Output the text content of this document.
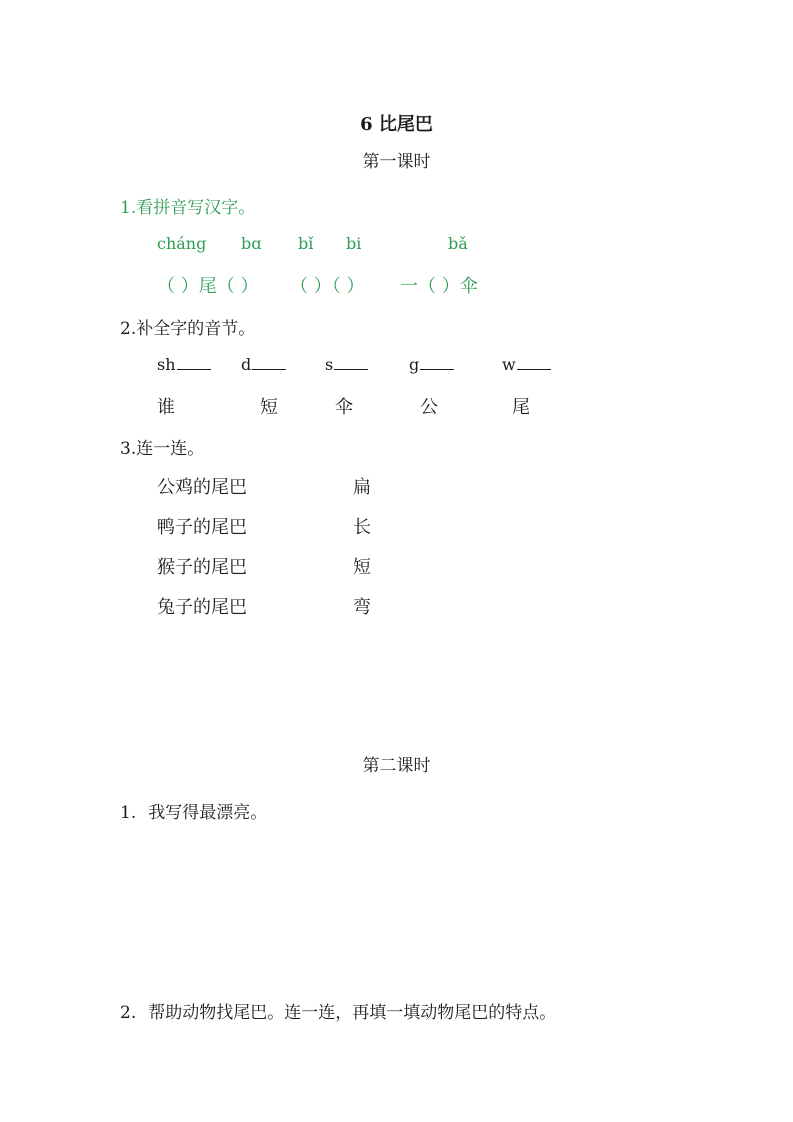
6 比尾巴
第一课时
1.看拼音写汉字。
cháng bɑ bǐ bi	bǎ
（ ）尾（ ） （ ）（ ） 一（ ）伞
2.补全字的音节。
sh	d	s	g	w
谁	短	伞	公	尾
3.连一连。
公鸡的尾巴
鸭子的尾巴
猴子的尾巴
兔子的尾巴
扁
长
短
弯
第二课时
1. 我写得最漂亮。
2. 帮助动物找尾巴。连一连，再填一填动物尾巴的特点。
